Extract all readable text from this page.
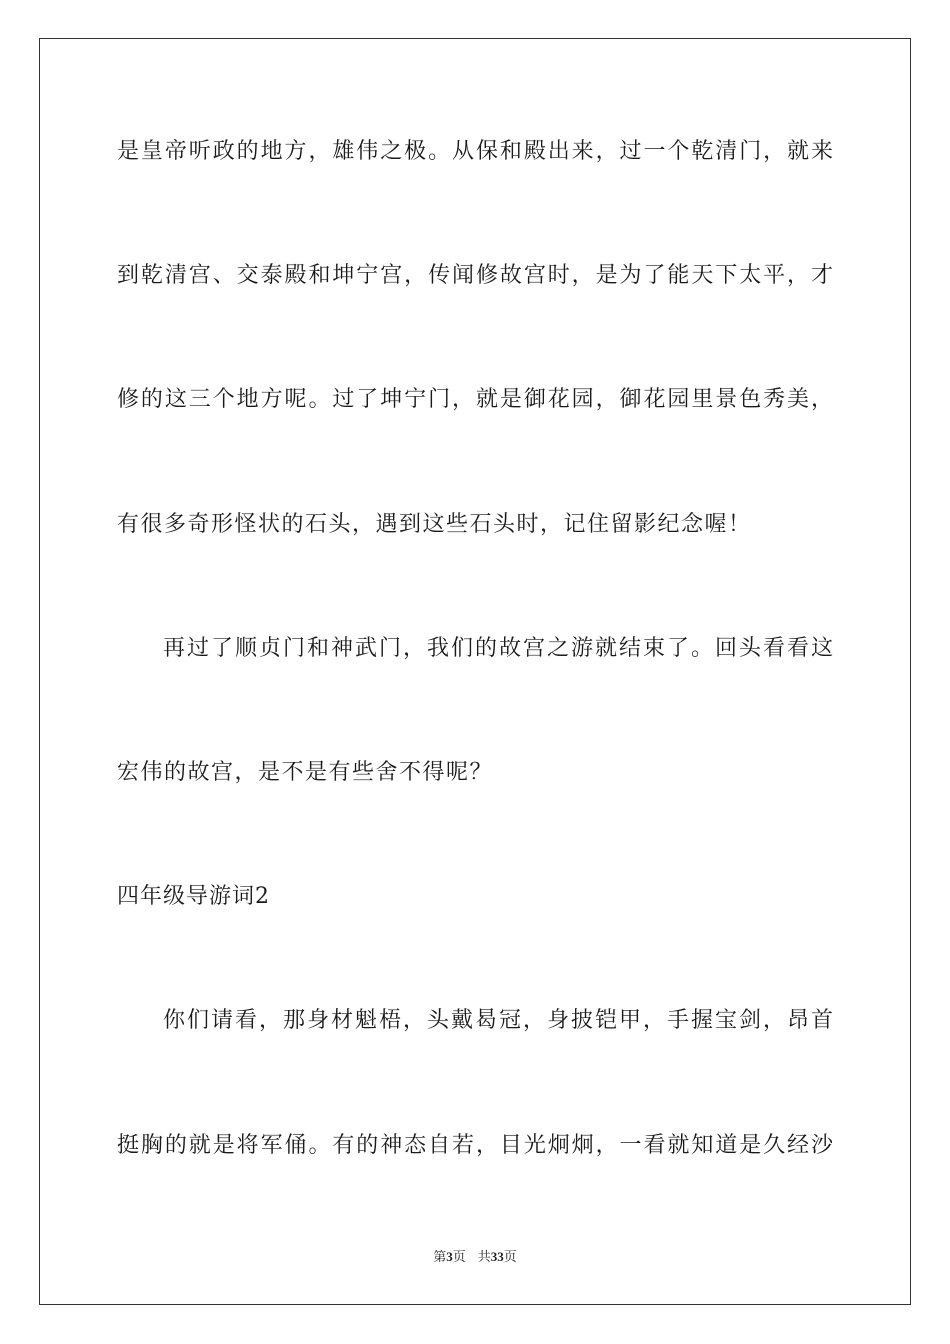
是皇帝听政的地方，雄伟之极。从保和殿出来，过一个乾清门，就来
到乾清宫、交泰殿和坤宁宫，传闻修故宫时，是为了能天下太平，才
修的这三个地方呢。过了坤宁门，就是御花园，御花园里景色秀美，
有很多奇形怪状的石头，遇到这些石头时，记住留影纪念喔！
再过了顺贞门和神武门，我们的故宫之游就结束了。回头看看这
宏伟的故宫，是不是有些舍不得呢？
四年级导游词2
你们请看，那身材魁梧，头戴曷冠，身披铠甲，手握宝剑，昂首
挺胸的就是将军俑。有的神态自若，目光炯炯，一看就知道是久经沙
第3页 共33页
